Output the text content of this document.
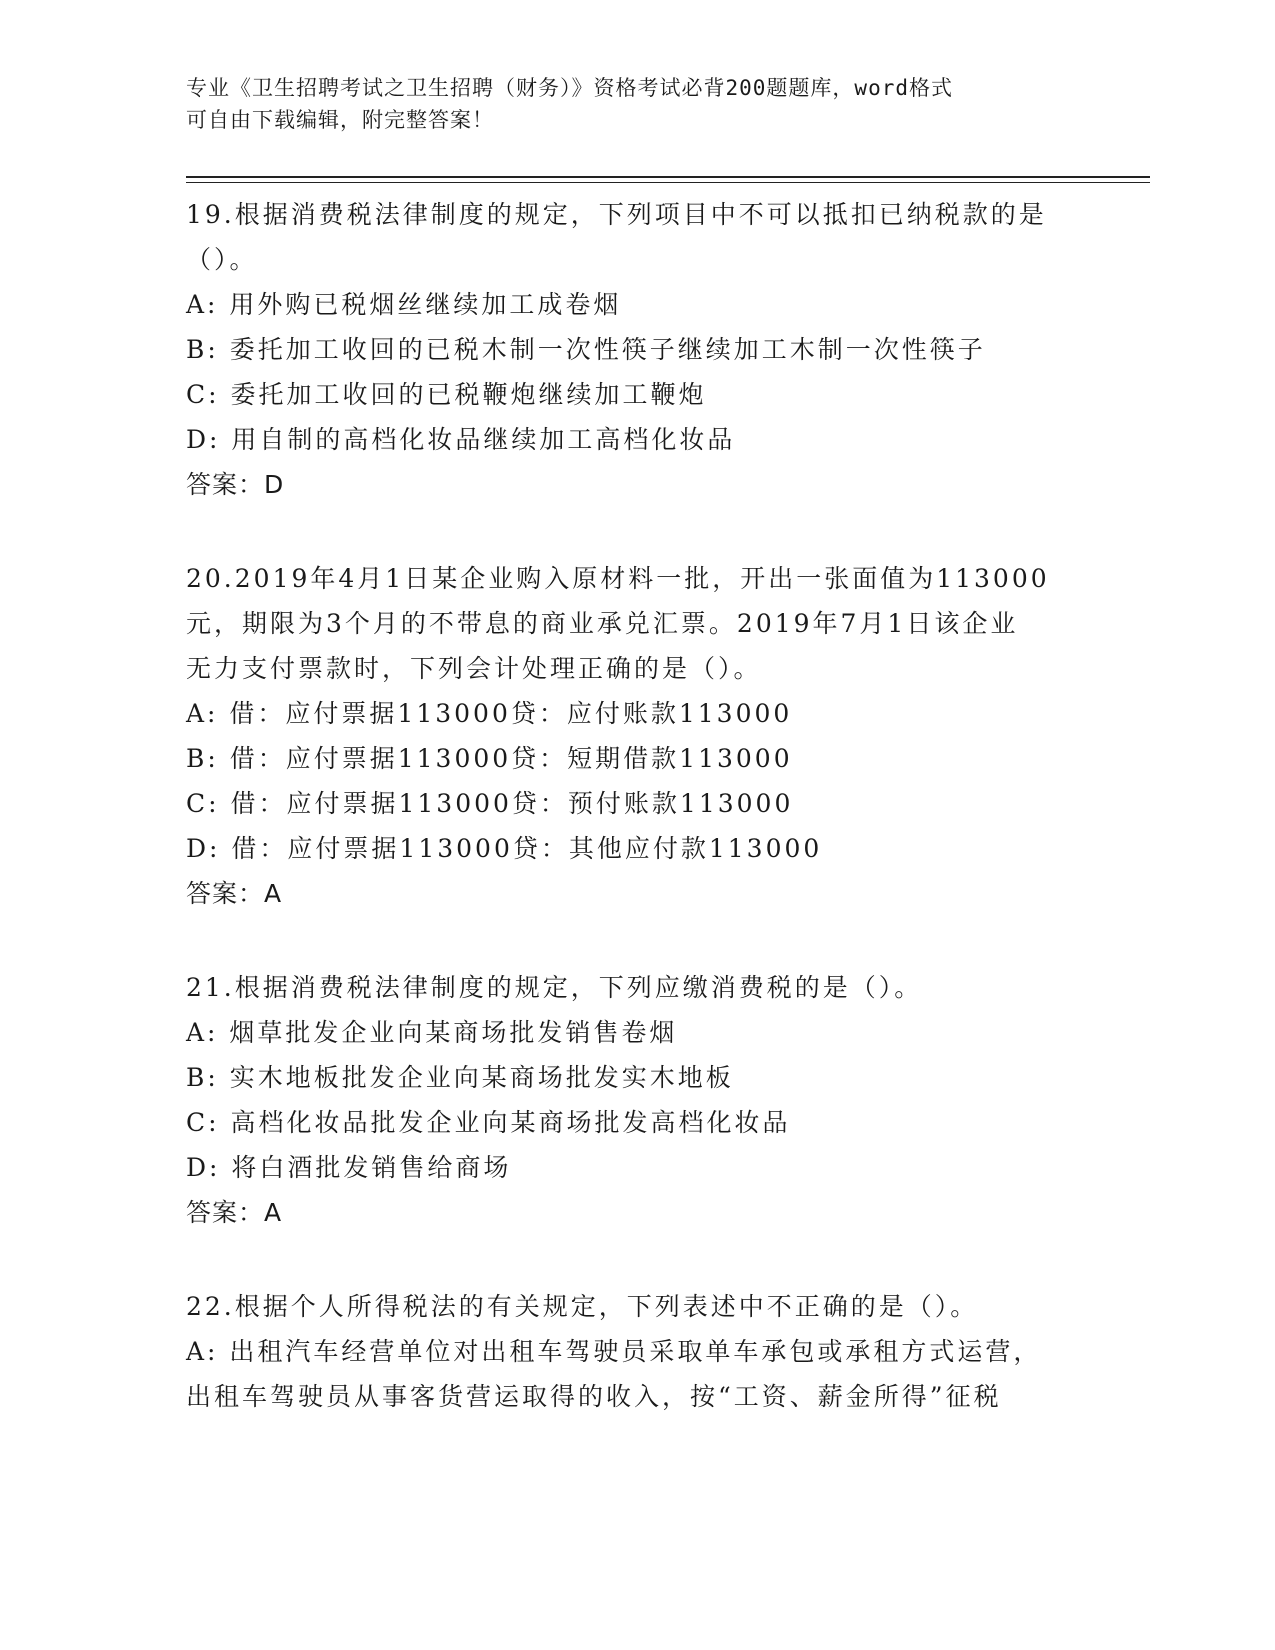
专业《卫生招聘考试之卫生招聘（财务）》资格考试必背200题题库，word格式
可自由下载编辑，附完整答案！
19.根据消费税法律制度的规定，下列项目中不可以抵扣已纳税款的是
（）。
A: 用外购已税烟丝继续加工成卷烟
B: 委托加工收回的已税木制一次性筷子继续加工木制一次性筷子
C: 委托加工收回的已税鞭炮继续加工鞭炮
D: 用自制的高档化妆品继续加工高档化妆品
答案：D
20.2019年4月1日某企业购入原材料一批，开出一张面值为113000
元，期限为3个月的不带息的商业承兑汇票。2019年7月1日该企业
无力支付票款时，下列会计处理正确的是（）。
A: 借：应付票据113000贷：应付账款113000
B: 借：应付票据113000贷：短期借款113000
C: 借：应付票据113000贷：预付账款113000
D: 借：应付票据113000贷：其他应付款113000
答案：A
21.根据消费税法律制度的规定，下列应缴消费税的是（）。
A: 烟草批发企业向某商场批发销售卷烟
B: 实木地板批发企业向某商场批发实木地板
C: 高档化妆品批发企业向某商场批发高档化妆品
D: 将白酒批发销售给商场
答案：A
22.根据个人所得税法的有关规定，下列表述中不正确的是（）。
A: 出租汽车经营单位对出租车驾驶员采取单车承包或承租方式运营，
出租车驾驶员从事客货营运取得的收入，按“工资、薪金所得”征税
